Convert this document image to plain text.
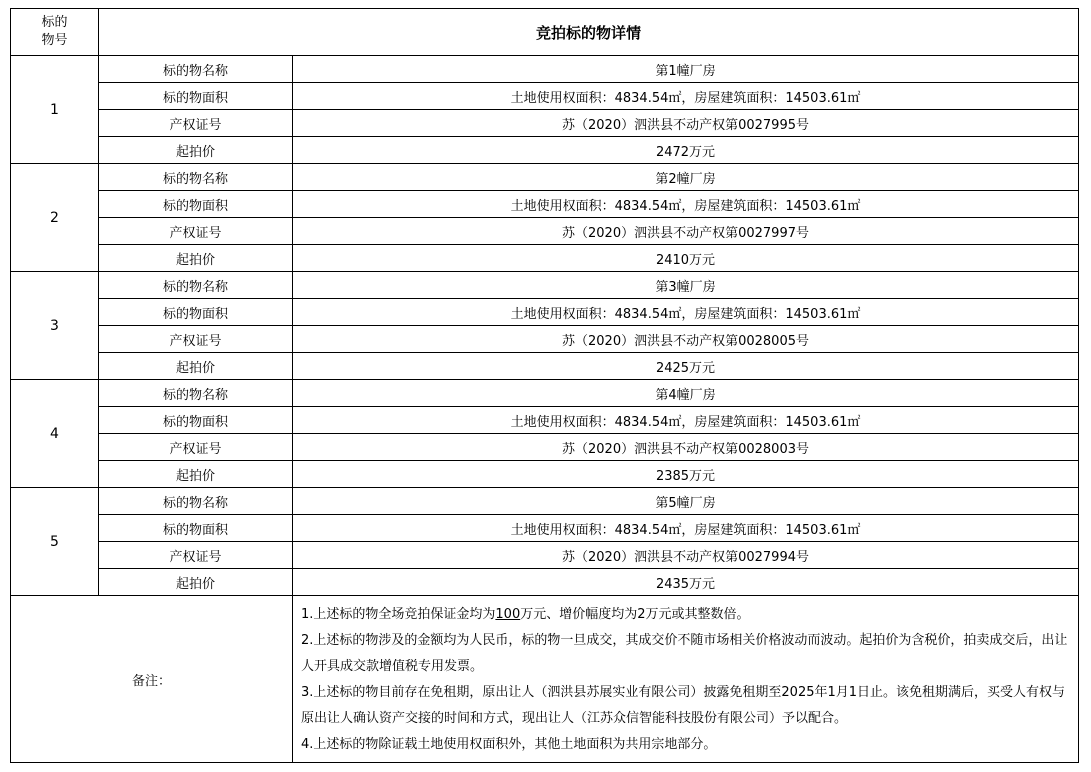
标的
物号	竞拍标的物详情	
1	标的物名称	第1幢厂房
	标的物面积	土地使用权面积：4834.54㎡，房屋建筑面积：14503.61㎡
	产权证号	苏（2020）泗洪县不动产权第0027995号
	起拍价	2472万元
2	标的物名称	第2幢厂房
	标的物面积	土地使用权面积：4834.54㎡，房屋建筑面积：14503.61㎡
	产权证号	苏（2020）泗洪县不动产权第0027997号
	起拍价	2410万元
3	标的物名称	第3幢厂房
	标的物面积	土地使用权面积：4834.54㎡，房屋建筑面积：14503.61㎡
	产权证号	苏（2020）泗洪县不动产权第0028005号
	起拍价	2425万元
4	标的物名称	第4幢厂房
	标的物面积	土地使用权面积：4834.54㎡，房屋建筑面积：14503.61㎡
	产权证号	苏（2020）泗洪县不动产权第0028003号
	起拍价	2385万元
5	标的物名称	第5幢厂房
	标的物面积	土地使用权面积：4834.54㎡，房屋建筑面积：14503.61㎡
	产权证号	苏（2020）泗洪县不动产权第0027994号
	起拍价	2435万元
备注：		1.上述标的物全场竞拍保证金均为100万元、增价幅度均为2万元或其整数倍。

2.上述标的物涉及的金额均为人民币，标的物一旦成交，其成交价不随市场相关价格波动而波动。起拍价为含税价，拍卖成交后，出让人开具成交款增值税专用发票。

3.上述标的物目前存在免租期，原出让人（泗洪县苏展实业有限公司）披露免租期至2025年1月1日止。该免租期满后，买受人有权与原出让人确认资产交接的时间和方式，现出让人（江苏众信智能科技股份有限公司）予以配合。

4.上述标的物除证载土地使用权面积外，其他土地面积为共用宗地部分。
